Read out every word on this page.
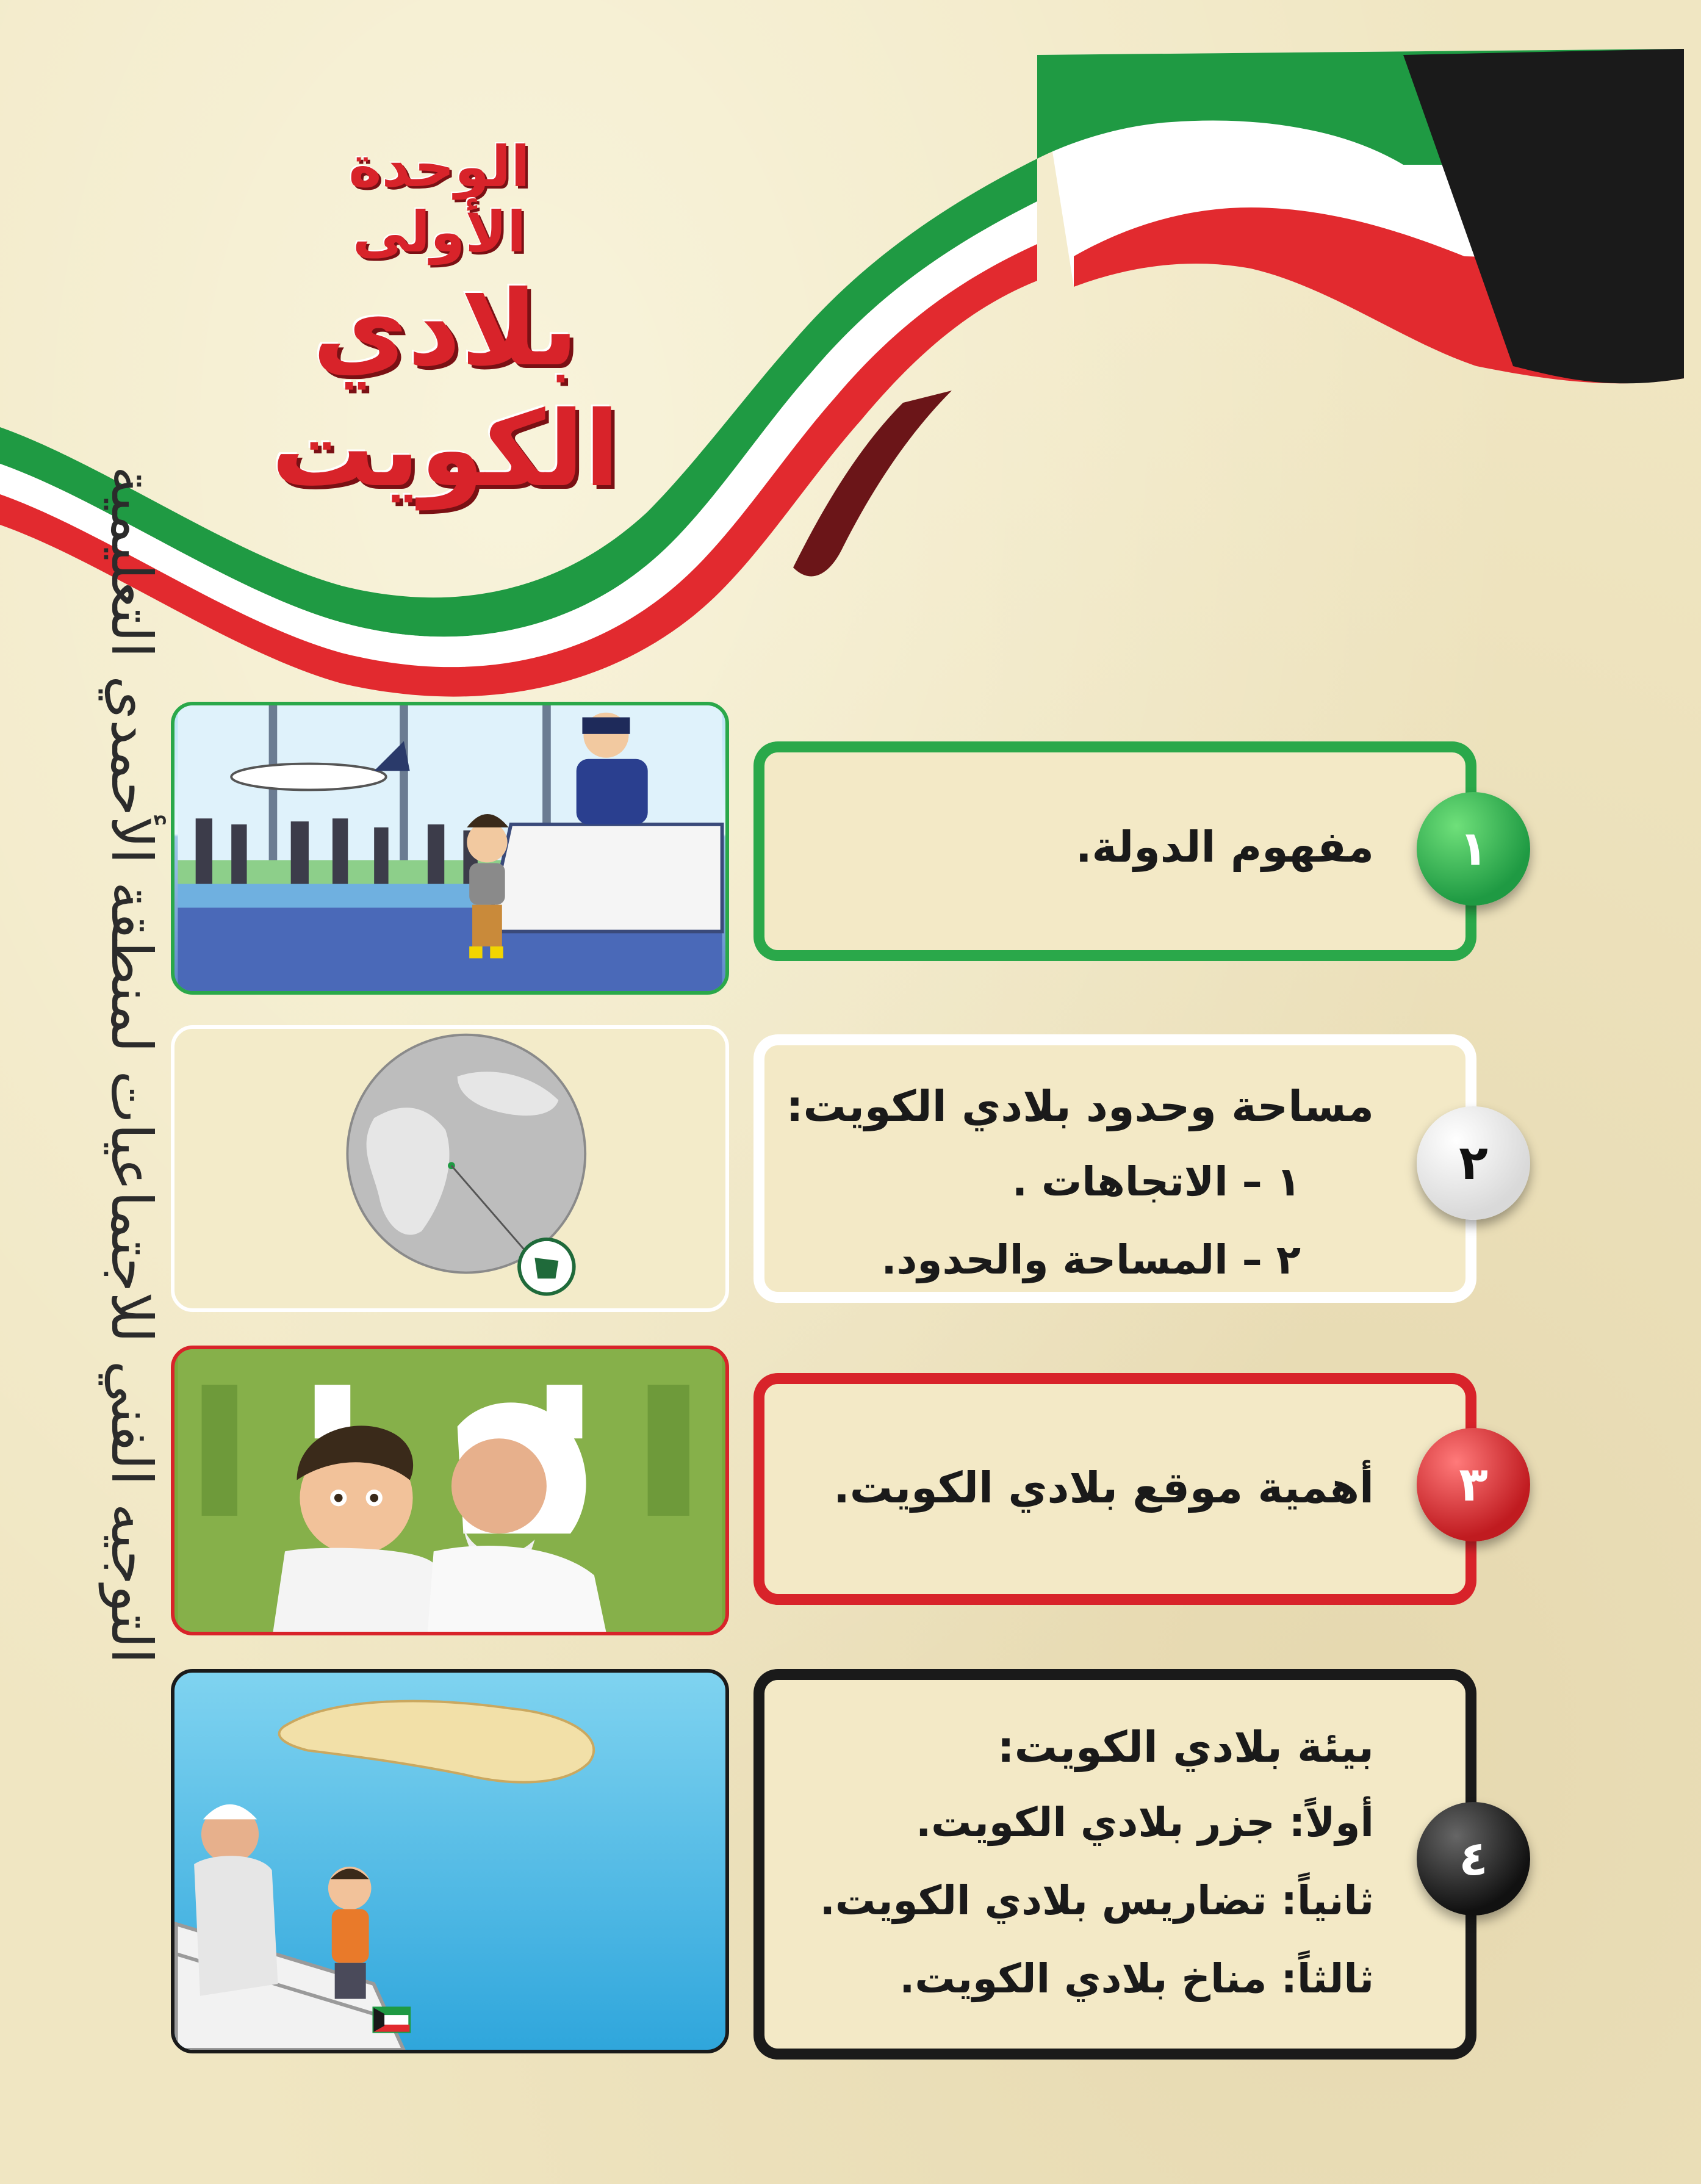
الوحدة الأولى
بلادي الكويت
التوجيه الفني للاجتماعيات لمنطقة الأحمدي التعليمية	مفهوم الدولة. ١
مساحة وحدود بلادي الكويت:
١ – الاتجاهات .
٢ – المساحة والحدود.
٢
أهمية موقع بلادي الكويت. ٣
بيئة بلادي الكويت:
أولاً: جزر بلادي الكويت.
ثانياً: تضاريس بلادي الكويت.
ثالثاً: مناخ بلادي الكويت.
٤
